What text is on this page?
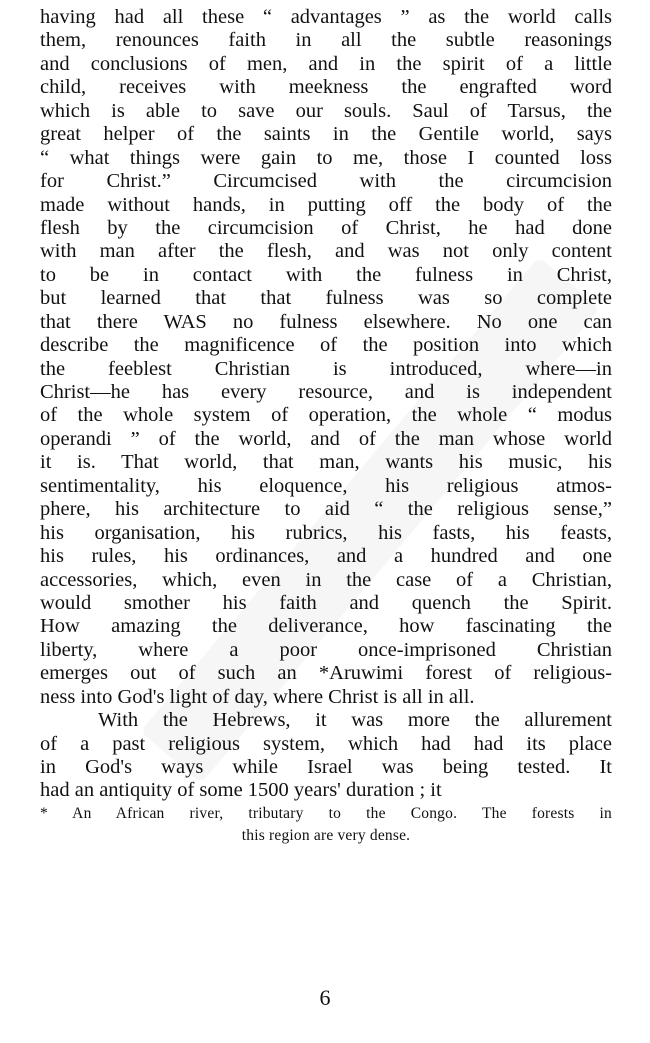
having had all these “ advantages ” as the world calls
them, renounces faith in all the subtle reasonings
and conclusions of men, and in the spirit of a little
child, receives with meekness the engrafted word
which is able to save our souls. Saul of Tarsus, the
great helper of the saints in the Gentile world, says
“ what things were gain to me, those I counted loss
for Christ.” Circumcised with the circumcision
made without hands, in putting off the body of the
flesh by the circumcision of Christ, he had done
with man after the flesh, and was not only content
to be in contact with the fulness in Christ,
but learned that that fulness was so complete
that there WAS no fulness elsewhere. No one can
describe the magnificence of the position into which
the feeblest Christian is introduced, where—in
Christ—he has every resource, and is independent
of the whole system of operation, the whole “ modus
operandi ” of the world, and of the man whose world
it is. That world, that man, wants his music, his
sentimentality, his eloquence, his religious atmos-
phere, his architecture to aid “ the religious sense,”
his organisation, his rubrics, his fasts, his feasts,
his rules, his ordinances, and a hundred and one
accessories, which, even in the case of a Christian,
would smother his faith and quench the Spirit.
How amazing the deliverance, how fascinating the
liberty, where a poor once-imprisoned Christian
emerges out of such an *Aruwimi forest of religious-
ness into God's light of day, where Christ is all in all.
With the Hebrews, it was more the allurement
of a past religious system, which had had its place
in God's ways while Israel was being tested. It
had an antiquity of some 1500 years' duration ; it
* An African river, tributary to the Congo. The forests in
this region are very dense.
6
